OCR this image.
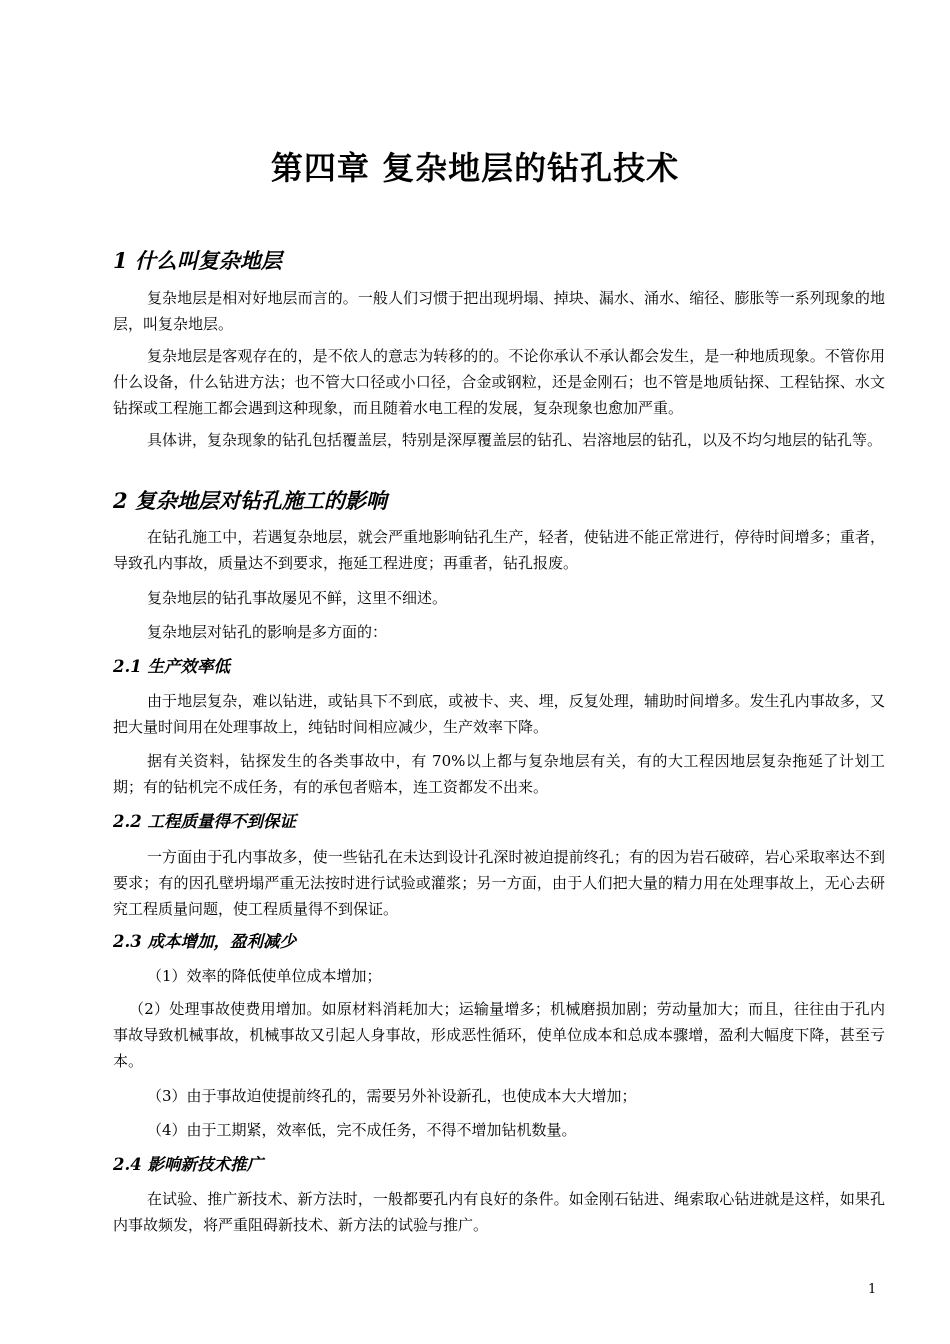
第四章 复杂地层的钻孔技术
1 什么叫复杂地层
复杂地层是相对好地层而言的。一般人们习惯于把出现坍塌、掉块、漏水、涌水、缩径、膨胀等一系列现象的地层，叫复杂地层。
复杂地层是客观存在的，是不依人的意志为转移的的。不论你承认不承认都会发生，是一种地质现象。不管你用什么设备，什么钻进方法；也不管大口径或小口径，合金或钢粒，还是金刚石；也不管是地质钻探、工程钻探、水文钻探或工程施工都会遇到这种现象，而且随着水电工程的发展，复杂现象也愈加严重。
具体讲，复杂现象的钻孔包括覆盖层，特别是深厚覆盖层的钻孔、岩溶地层的钻孔，以及不均匀地层的钻孔等。
2 复杂地层对钻孔施工的影响
在钻孔施工中，若遇复杂地层，就会严重地影响钻孔生产，轻者，使钻进不能正常进行，停待时间增多；重者，导致孔内事故，质量达不到要求，拖延工程进度；再重者，钻孔报废。
复杂地层的钻孔事故屡见不鲜，这里不细述。
复杂地层对钻孔的影响是多方面的：
2.1 生产效率低
由于地层复杂，难以钻进，或钻具下不到底，或被卡、夹、埋，反复处理，辅助时间增多。发生孔内事故多，又把大量时间用在处理事故上，纯钻时间相应减少，生产效率下降。
据有关资料，钻探发生的各类事故中，有 70%以上都与复杂地层有关，有的大工程因地层复杂拖延了计划工期；有的钻机完不成任务，有的承包者赔本，连工资都发不出来。
2.2 工程质量得不到保证
一方面由于孔内事故多，使一些钻孔在未达到设计孔深时被迫提前终孔；有的因为岩石破碎，岩心采取率达不到要求；有的因孔壁坍塌严重无法按时进行试验或灌浆；另一方面，由于人们把大量的精力用在处理事故上，无心去研究工程质量问题，使工程质量得不到保证。
2.3 成本增加，盈利减少
（1）效率的降低使单位成本增加；
（2）处理事故使费用增加。如原材料消耗加大；运输量增多；机械磨损加剧；劳动量加大；而且，往往由于孔内事故导致机械事故，机械事故又引起人身事故，形成恶性循环，使单位成本和总成本骤增，盈利大幅度下降，甚至亏本。
（3）由于事故迫使提前终孔的，需要另外补设新孔，也使成本大大增加；
（4）由于工期紧，效率低，完不成任务，不得不增加钻机数量。
2.4 影响新技术推广
在试验、推广新技术、新方法时，一般都要孔内有良好的条件。如金刚石钻进、绳索取心钻进就是这样，如果孔内事故频发，将严重阻碍新技术、新方法的试验与推广。
1
